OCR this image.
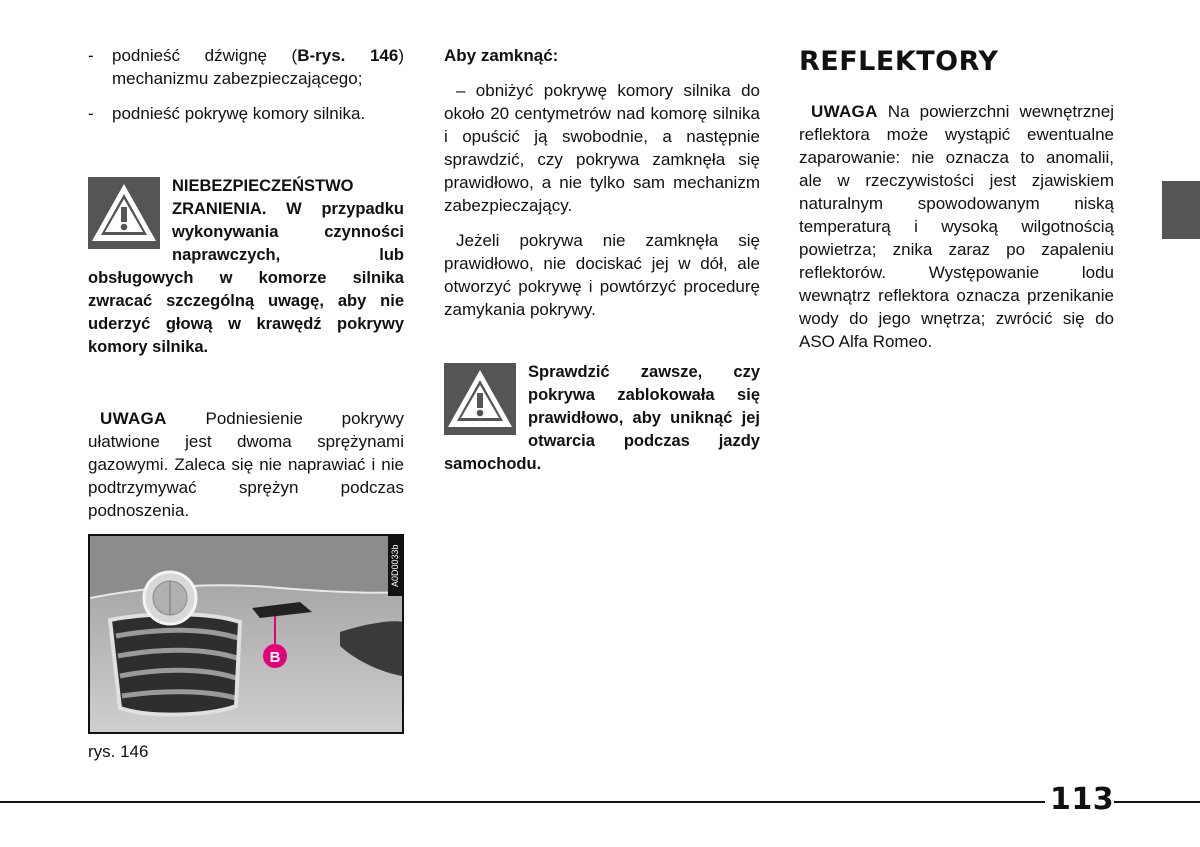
-	podnieść dźwignę (B-rys. 146) mechanizmu zabezpieczającego;
-	podnieść pokrywę komory silnika.
NIEBEZPIECZEŃSTWO ZRANIENIA. W przypadku wykonywania czynności naprawczych, lub obsługowych w komorze silnika zwracać szczególną uwagę, aby nie uderzyć głową w krawędź pokrywy komory silnika.

UWAGA Podniesienie pokrywy ułatwione jest dwoma sprężynami gazowymi. Zaleca się nie naprawiać i nie podtrzymywać sprężyn podczas podnoszenia.

Aby zamknąć:

– obniżyć pokrywę komory silnika do około 20 centymetrów nad komorę silnika i opuścić ją swobodnie, a następnie sprawdzić, czy pokrywa zamknęła się prawidłowo, a nie tylko sam mechanizm zabezpieczający.

Jeżeli pokrywa nie zamknęła się prawidłowo, nie dociskać jej w dół, ale otworzyć pokrywę i powtórzyć procedurę zamykania pokrywy.

Sprawdzić zawsze, czy pokrywa zablokowała się prawidłowo, aby uniknąć jej otwarcia podczas jazdy samochodu.
REFLEKTORY

UWAGA Na powierzchni wewnętrznej reflektora może wystąpić ewentualne zaparowanie: nie oznacza to anomalii, ale w rzeczywistości jest zjawiskiem naturalnym spowodowanym niską temperaturą i wysoką wilgotnością powietrza; znika zaraz po zapaleniu reflektorów. Występowanie lodu wewnątrz reflektora oznacza przenikanie wody do jego wnętrza; zwrócić się do ASO Alfa Romeo.

B
A0D0033b
rys. 146
113
